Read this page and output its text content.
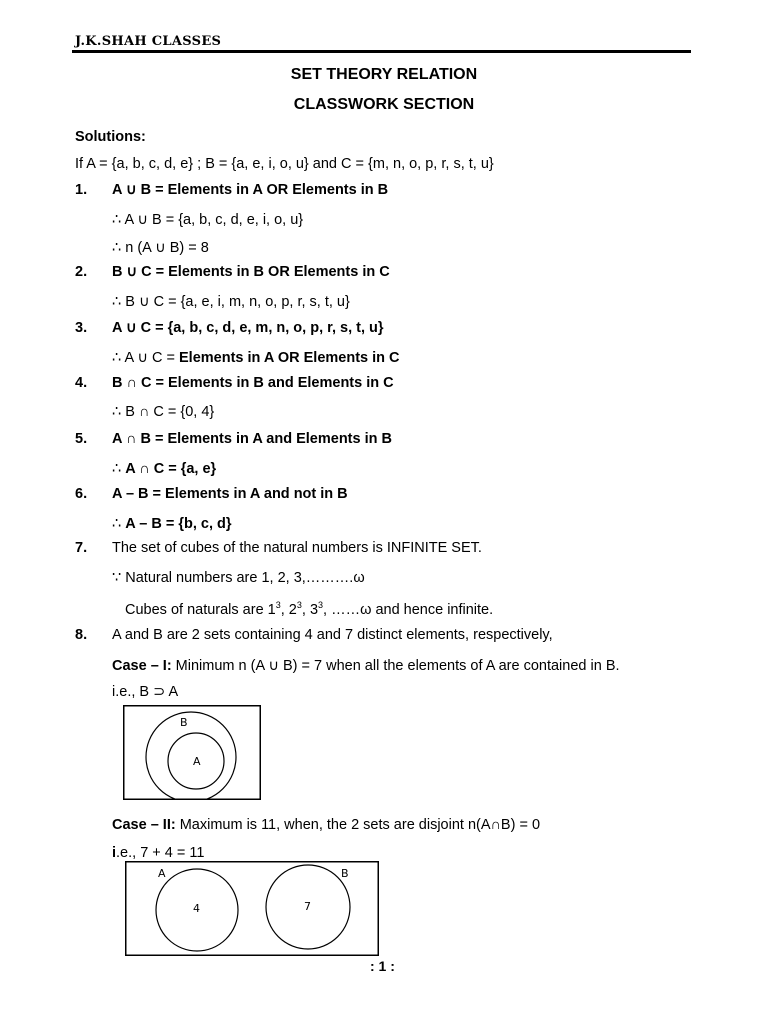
J.K.SHAH CLASSES
SET THEORY RELATION
CLASSWORK SECTION
Solutions:
If A = {a, b, c, d, e} ; B = {a, e, i, o, u} and C = {m, n, o, p, r, s, t, u}
1. A ∪ B = Elements in A OR Elements in B
∴ A ∪ B = {a, b, c, d, e, i, o, u}
∴ n (A ∪ B) = 8
2. B ∪ C = Elements in B OR Elements in C
∴ B ∪ C = {a, e, i, m, n, o, p, r, s, t, u}
3. A ∪ C = {a, b, c, d, e, m, n, o, p, r, s, t, u}
∴ A ∪ C = Elements in A OR Elements in C
4. B ∩ C = Elements in B and Elements in C
∴ B ∩ C = {0, 4}
5. A ∩ B = Elements in A and Elements in B
∴ A ∩ C = {a, e}
6. A – B = Elements in A and not in B
∴ A – B = {b, c, d}
7. The set of cubes of the natural numbers is INFINITE SET.
∵ Natural numbers are 1, 2, 3,……….ω
Cubes of naturals are $1^3$, $2^3$, $3^3$, ……ω and hence infinite.
8. A and B are 2 sets containing 4 and 7 distinct elements, respectively,
Case – I: Minimum n (A ∪ B) = 7 when all the elements of A are contained in B.
i.e., B ⊃ A
B
A
Case – II: Maximum is 11, when, the 2 sets are disjoint n(A∩B) = 0
i.e., 7 + 4 = 11
A	B
4	7
: 1 :
